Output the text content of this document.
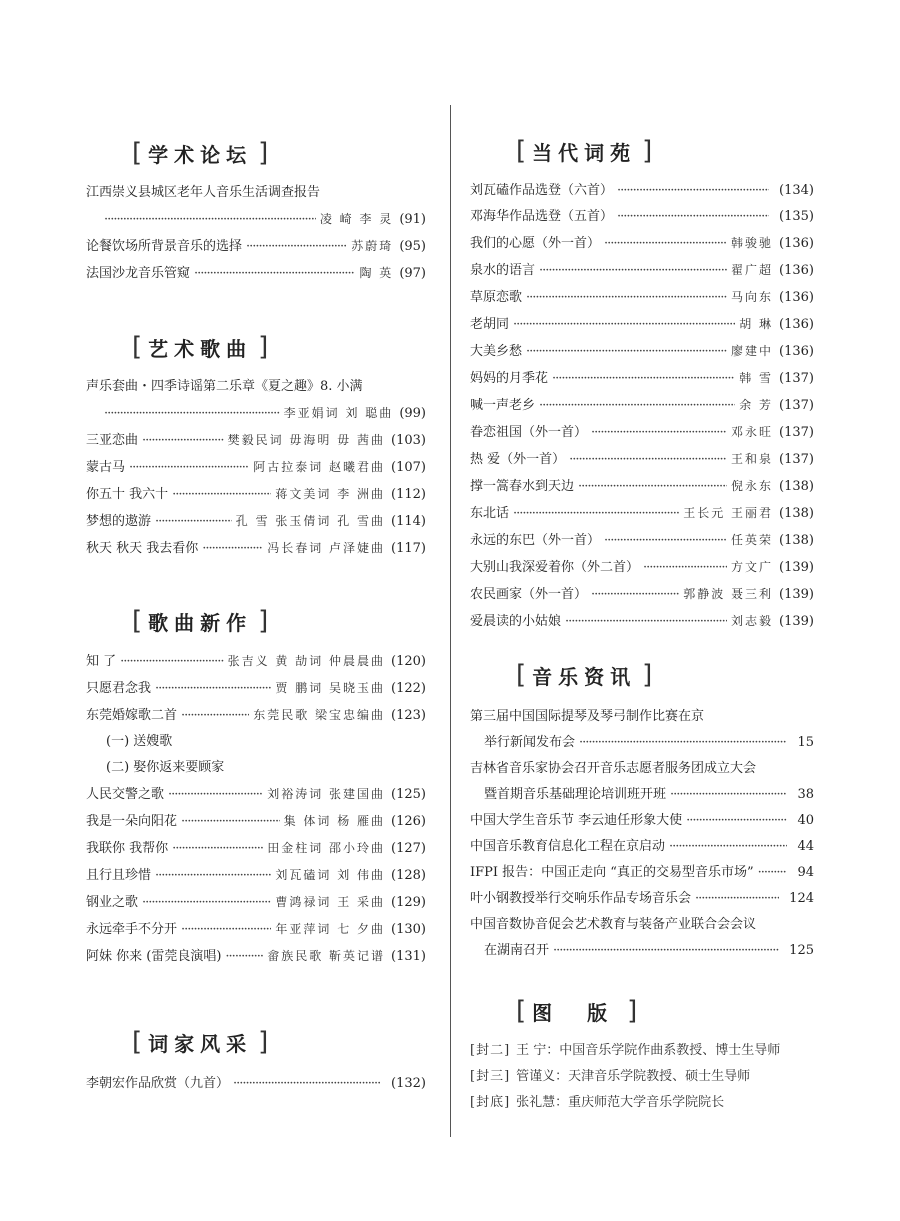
[ 学术论坛 ]
江西崇义县城区老年人音乐生活调查报告
·····
凌 崎 李 灵 (91)
论餐饮场所背景音乐的选择 ·····	苏蔚琦 (95)
法国沙龙音乐管窥 ·····	陶 英 (97)
[ 艺术歌曲 ]
声乐套曲・四季诗谣第二乐章《夏之趣》8. 小满
·····
李亚娟词 刘 聪曲 (99)
三亚恋曲 ·····	樊毅民词 毋海明 毋 茜曲 (103)
蒙古马 ·····	阿古拉泰词 赵曦君曲 (107)
你五十 我六十 ·····	蒋文美词 李 洲曲 (112)
梦想的遨游 ·····	孔 雪 张玉倩词 孔 雪曲 (114)
秋天 秋天 我去看你 ·····	冯长春词 卢泽婕曲 (117)
[ 歌曲新作 ]
知 了 ·····	张吉义 黄 劼词 仲晨晨曲 (120)
只愿君念我 ·····	贾 鹏词 吴晓玉曲 (122)
东莞婚嫁歌二首 ·····	东莞民歌 梁宝忠编曲 (123)
(一) 送嫂歌
(二) 娶你返来要顾家
人民交警之歌 ·····	刘裕涛词 张建国曲 (125)
我是一朵向阳花 ·····	集 体词 杨 雁曲 (126)
我联你 我帮你 ·····	田金柱词 邵小玲曲 (127)
且行且珍惜 ·····	刘瓦磕词 刘 伟曲 (128)
钢业之歌 ·····	曹鸿禄词 王 采曲 (129)
永远牵手不分开 ·····	年亚萍词 七 夕曲 (130)
阿妹 你来 (雷莞良演唱) ·····	畲族民歌 靳英记谱 (131)
[ 词家风采 ]
李朝宏作品欣赏（九首） ·····	(132)
[ 当代词苑 ]
刘瓦磕作品选登（六首） ·····	(134)
邓海华作品选登（五首） ·····	(135)
我们的心愿（外一首） ·····	韩骏驰 (136)
泉水的语言 ·····	翟广超 (136)
草原恋歌 ·····	马向东 (136)
老胡同 ·····	胡 琳 (136)
大美乡愁 ·····	廖建中 (136)
妈妈的月季花 ·····	韩 雪 (137)
喊一声老乡 ·····	余 芳 (137)
眷恋祖国（外一首） ·····	邓永旺 (137)
热 爱（外一首） ·····	王和泉 (137)
撑一篙春水到天边 ·····	倪永东 (138)
东北话 ·····	王长元 王丽君 (138)
永远的东巴（外一首） ·····	任英荣 (138)
大别山我深爱着你（外二首） ·····	方文广 (139)
农民画家（外一首） ·····	郭静波 聂三利 (139)
爱晨读的小姑娘 ·····	刘志毅 (139)
[ 音乐资讯 ]
第三届中国国际提琴及琴弓制作比赛在京
举行新闻发布会 ·····	15
吉林省音乐家协会召开音乐志愿者服务团成立大会
暨首期音乐基础理论培训班开班 ·····	38
中国大学生音乐节 李云迪任形象大使 ·····	40
中国音乐教育信息化工程在京启动 ·····	44
IFPI 报告：中国正走向 “真正的交易型音乐市场” ·····	94
叶小钢教授举行交响乐作品专场音乐会 ·····	124
中国音数协音促会艺术教育与装备产业联合会会议
在湖南召开 ·····	125
[ 图 版 ]
[封二] 王 宁：中国音乐学院作曲系教授、博士生导师
[封三] 管谨义：天津音乐学院教授、硕士生导师
[封底] 张礼慧：重庆师范大学音乐学院院长
